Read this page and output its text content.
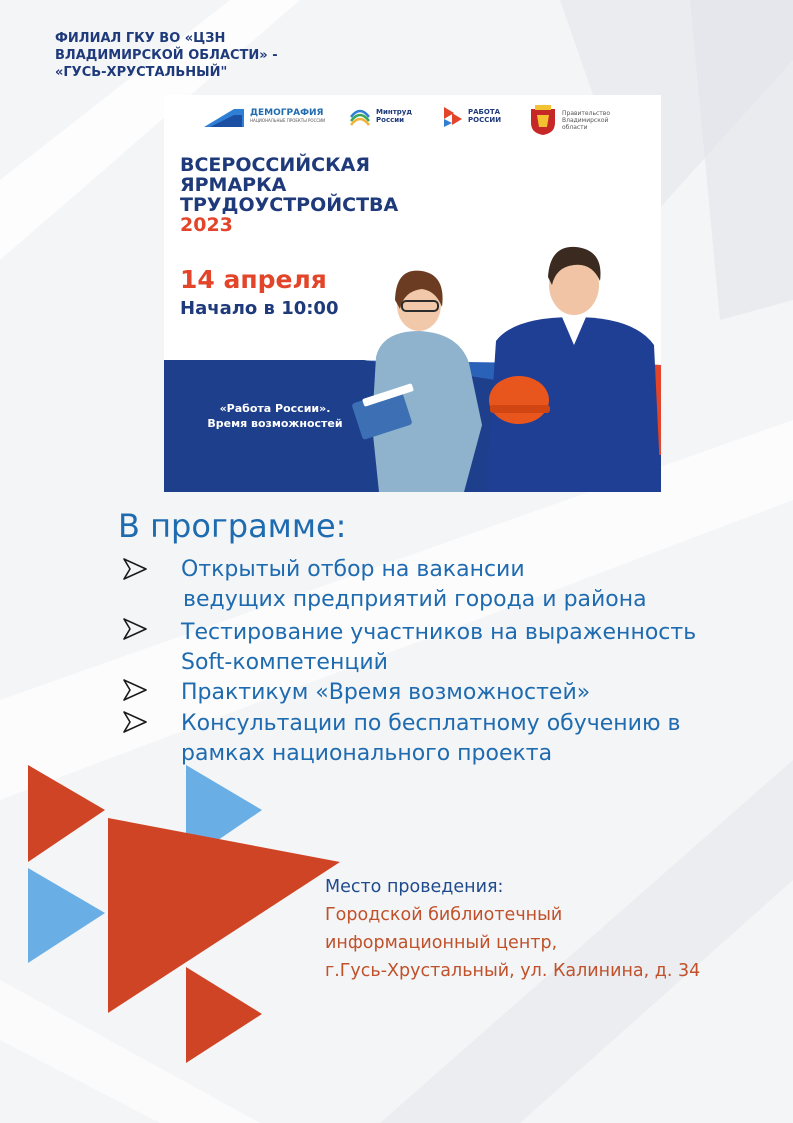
ФИЛИАЛ ГКУ ВО «ЦЗН
ВЛАДИМИРСКОЙ ОБЛАСТИ» -
«ГУСЬ-ХРУСТАЛЬНЫЙ"
ДЕМОГРАФИЯ
НАЦИОНАЛЬНЫЕ ПРОЕКТЫ РОССИИ
Минтруд
России
РАБОТА
РОССИИ
Правительство
Владимирской
области
ВСЕРОССИЙСКАЯ
ЯРМАРКА
ТРУДОУСТРОЙСТВА
2023
14 апреля
Начало в 10:00
«Работа России».
Время возможностей
В программе:
Открытый отбор на вакансии
ведущих предприятий города и района
Тестирование участников на выраженность
Soft-компетенций
Практикум «Время возможностей»
Консультации по бесплатному обучению в
рамках национального проекта
Место проведения:
Городской библиотечный
информационный центр,
г.Гусь-Хрустальный, ул. Калинина, д. 34
